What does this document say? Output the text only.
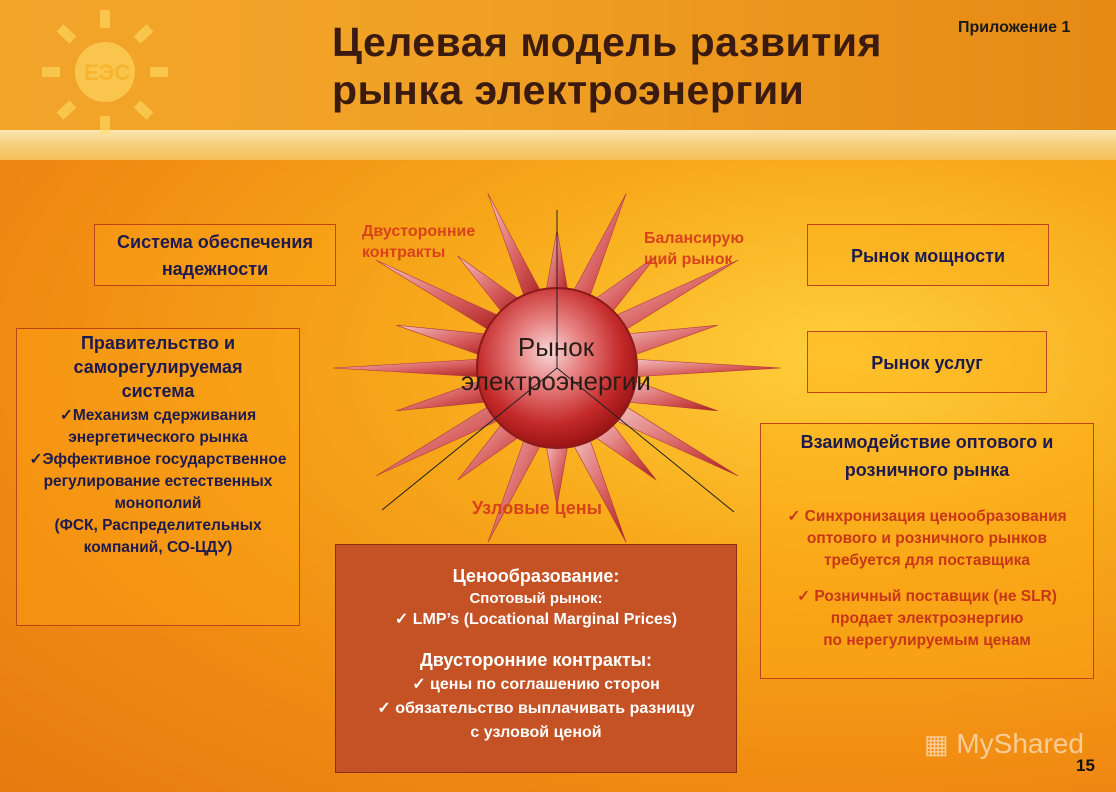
ЕЭС
Приложение 1
Целевая модель развития
рынка электроэнергии
Рынок
электроэнергии
Двусторонние
контракты
Балансирую
щий рынок
Узловые цены
Система обеспечения
надежности
Рынок мощности
Рынок услуг
Правительство и
саморегулируемая
система
✓Механизм сдерживания
энергетического рынка
✓Эффективное государственное
регулирование естественных
монополий
(ФСК, Распределительных
компаний, СО-ЦДУ)
Взаимодействие оптового и
розничного рынка
✓ Синхронизация ценообразования
оптового и розничного рынков
требуется для поставщика
✓ Розничный поставщик (не SLR)
продает электроэнергию
по нерегулируемым ценам
Ценообразование:
Спотовый рынок:
✓ LMP’s (Locational Marginal Prices)
Двусторонние контракты:
✓ цены по соглашению сторон
✓ обязательство выплачивать разницу
с узловой ценой	▦ MyShared
15
